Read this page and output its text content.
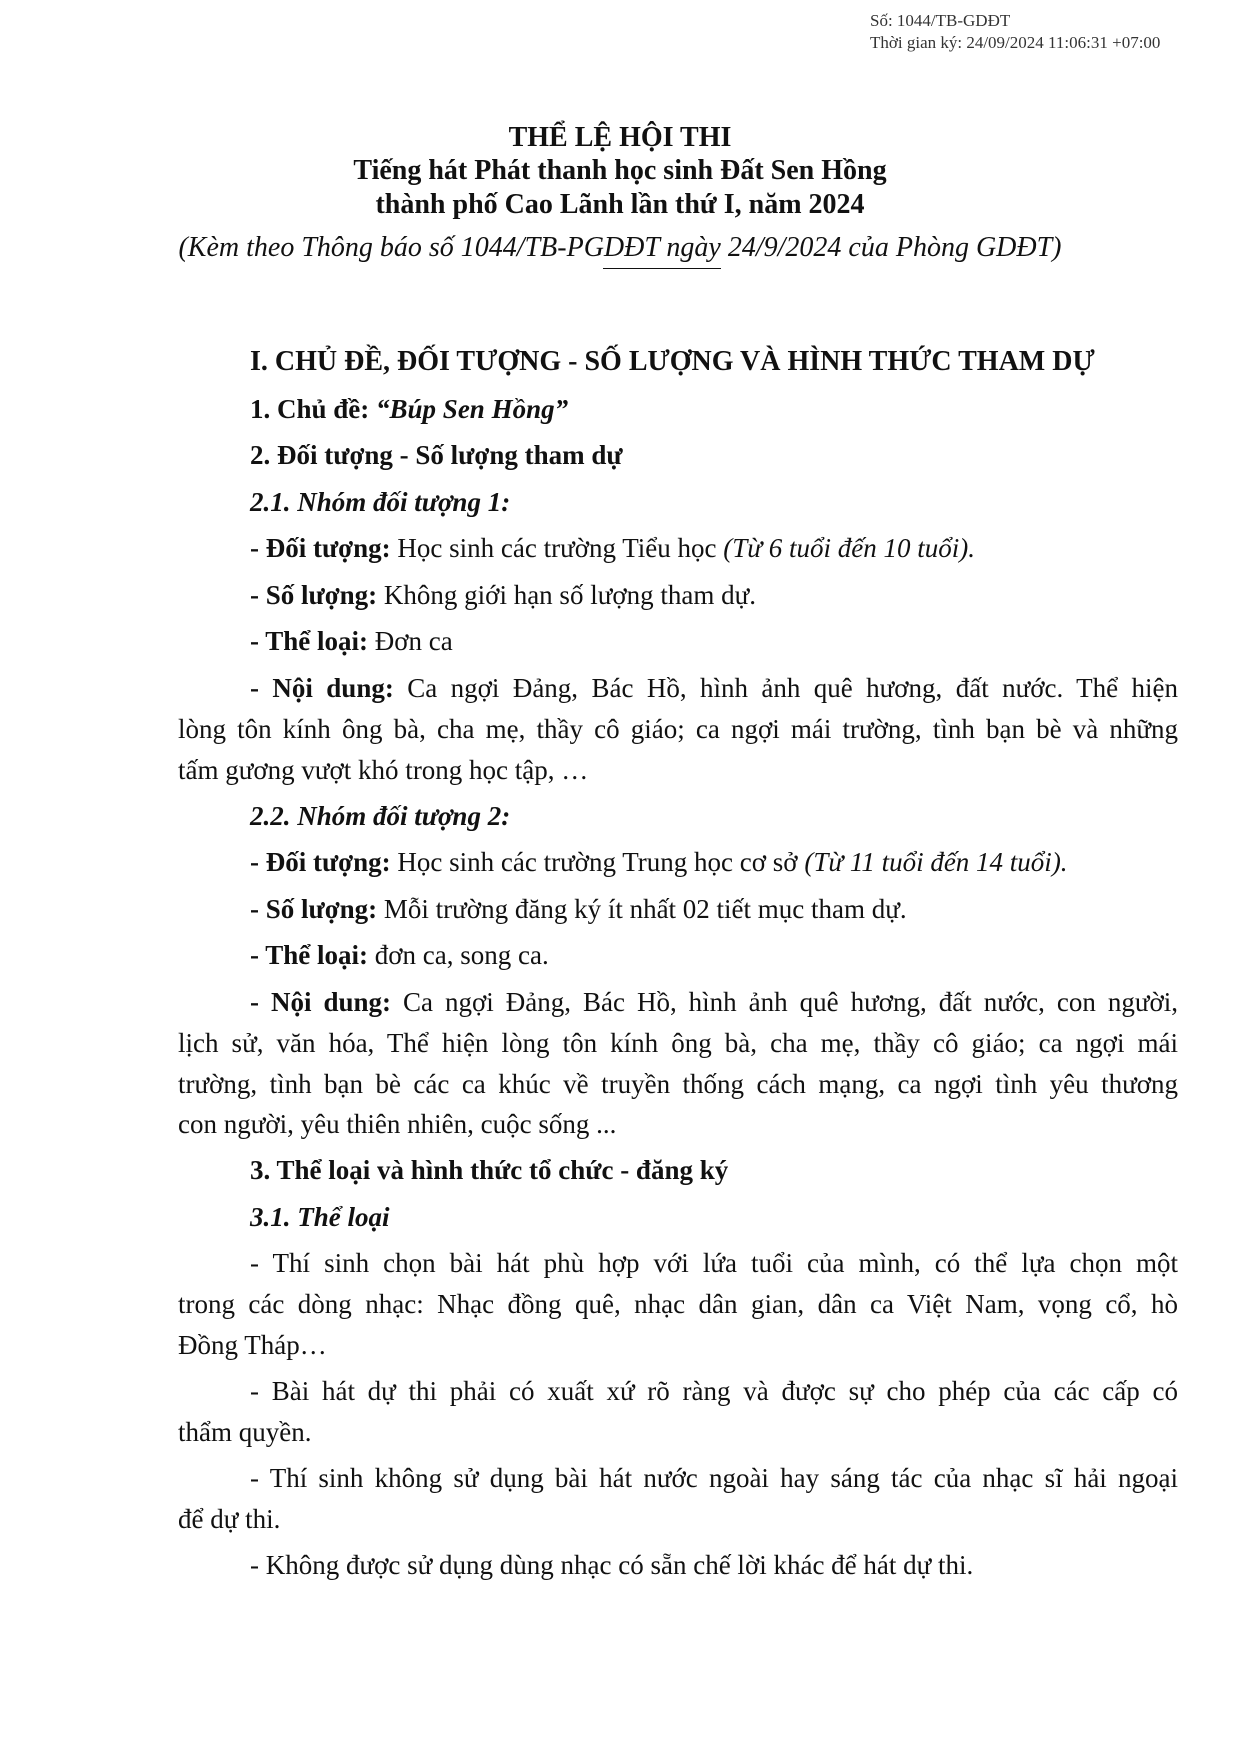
Số: 1044/TB-GDĐT
Thời gian ký: 24/09/2024 11:06:31 +07:00
THỂ LỆ HỘI THI
Tiếng hát Phát thanh học sinh Đất Sen Hồng
thành phố Cao Lãnh lần thứ I, năm 2024
(Kèm theo Thông báo số 1044/TB-PGDĐT ngày 24/9/2024 của Phòng GDĐT)
I. CHỦ ĐỀ, ĐỐI TƯỢNG - SỐ LƯỢNG VÀ HÌNH THỨC THAM DỰ
1. Chủ đề: “Búp Sen Hồng”
2. Đối tượng - Số lượng tham dự
2.1. Nhóm đối tượng 1:
- Đối tượng: Học sinh các trường Tiểu học (Từ 6 tuổi đến 10 tuổi).
- Số lượng: Không giới hạn số lượng tham dự.
- Thể loại: Đơn ca
- Nội dung: Ca ngợi Đảng, Bác Hồ, hình ảnh quê hương, đất nước. Thể hiện
lòng tôn kính ông bà, cha mẹ, thầy cô giáo; ca ngợi mái trường, tình bạn bè và những
tấm gương vượt khó trong học tập, …
2.2. Nhóm đối tượng 2:
- Đối tượng: Học sinh các trường Trung học cơ sở (Từ 11 tuổi đến 14 tuổi).
- Số lượng: Mỗi trường đăng ký ít nhất 02 tiết mục tham dự.
- Thể loại: đơn ca, song ca.
- Nội dung: Ca ngợi Đảng, Bác Hồ, hình ảnh quê hương, đất nước, con người,
lịch sử, văn hóa, Thể hiện lòng tôn kính ông bà, cha mẹ, thầy cô giáo; ca ngợi mái
trường, tình bạn bè các ca khúc về truyền thống cách mạng, ca ngợi tình yêu thương
con người, yêu thiên nhiên, cuộc sống ...
3. Thể loại và hình thức tổ chức - đăng ký
3.1. Thể loại
- Thí sinh chọn bài hát phù hợp với lứa tuổi của mình, có thể lựa chọn một
trong các dòng nhạc: Nhạc đồng quê, nhạc dân gian, dân ca Việt Nam, vọng cổ, hò
Đồng Tháp…
- Bài hát dự thi phải có xuất xứ rõ ràng và được sự cho phép của các cấp có
thẩm quyền.
- Thí sinh không sử dụng bài hát nước ngoài hay sáng tác của nhạc sĩ hải ngoại
để dự thi.
- Không được sử dụng dùng nhạc có sẵn chế lời khác để hát dự thi.
